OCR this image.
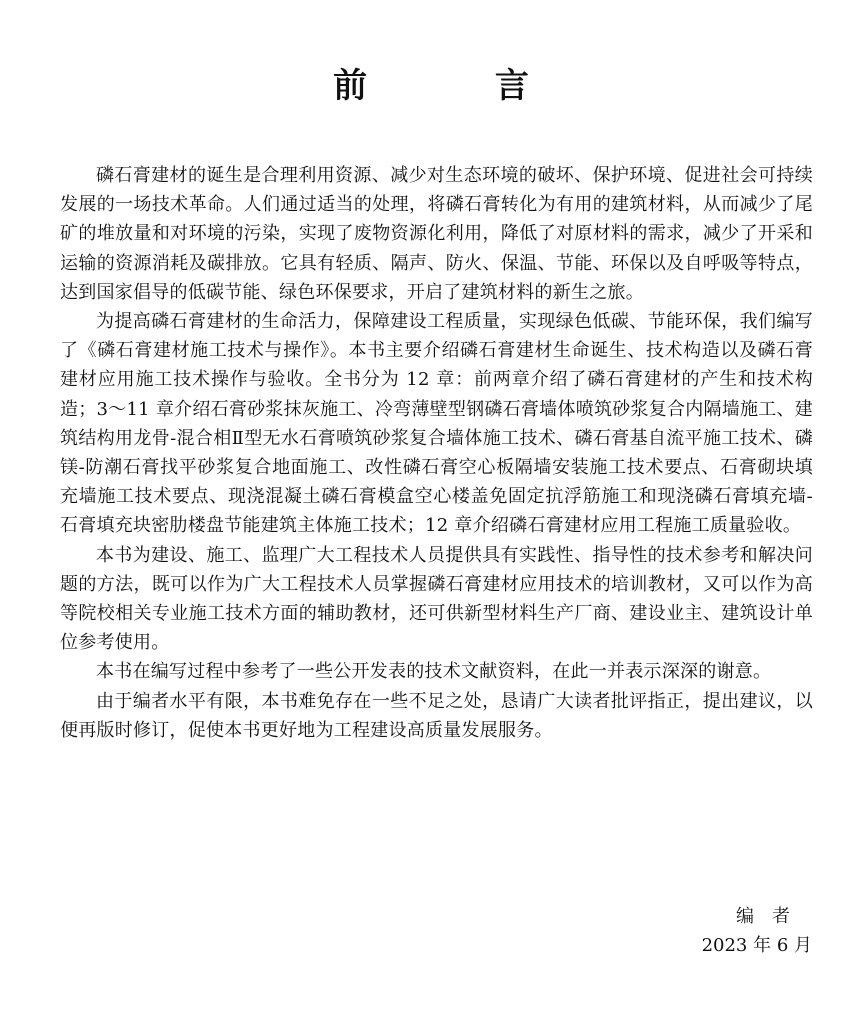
前 言

磷石膏建材的诞生是合理利用资源、减少对生态环境的破坏、保护环境、促进社会可持续发展的一场技术革命。人们通过适当的处理，将磷石膏转化为有用的建筑材料，从而减少了尾矿的堆放量和对环境的污染，实现了废物资源化利用，降低了对原材料的需求，减少了开采和运输的资源消耗及碳排放。它具有轻质、隔声、防火、保温、节能、环保以及自呼吸等特点，达到国家倡导的低碳节能、绿色环保要求，开启了建筑材料的新生之旅。

为提高磷石膏建材的生命活力，保障建设工程质量，实现绿色低碳、节能环保，我们编写了《磷石膏建材施工技术与操作》。本书主要介绍磷石膏建材生命诞生、技术构造以及磷石膏建材应用施工技术操作与验收。全书分为 12 章：前两章介绍了磷石膏建材的产生和技术构造；3～11 章介绍石膏砂浆抹灰施工、冷弯薄壁型钢磷石膏墙体喷筑砂浆复合内隔墙施工、建筑结构用龙骨-混合相Ⅱ型无水石膏喷筑砂浆复合墙体施工技术、磷石膏基自流平施工技术、磷镁-防潮石膏找平砂浆复合地面施工、改性磷石膏空心板隔墙安装施工技术要点、石膏砌块填充墙施工技术要点、现浇混凝土磷石膏模盒空心楼盖免固定抗浮筋施工和现浇磷石膏填充墙-石膏填充块密肋楼盘节能建筑主体施工技术；12 章介绍磷石膏建材应用工程施工质量验收。

本书为建设、施工、监理广大工程技术人员提供具有实践性、指导性的技术参考和解决问题的方法，既可以作为广大工程技术人员掌握磷石膏建材应用技术的培训教材，又可以作为高等院校相关专业施工技术方面的辅助教材，还可供新型材料生产厂商、建设业主、建筑设计单位参考使用。

本书在编写过程中参考了一些公开发表的技术文献资料，在此一并表示深深的谢意。

由于编者水平有限，本书难免存在一些不足之处，恳请广大读者批评指正，提出建议，以便再版时修订，促使本书更好地为工程建设高质量发展服务。

编者
2023 年 6 月
